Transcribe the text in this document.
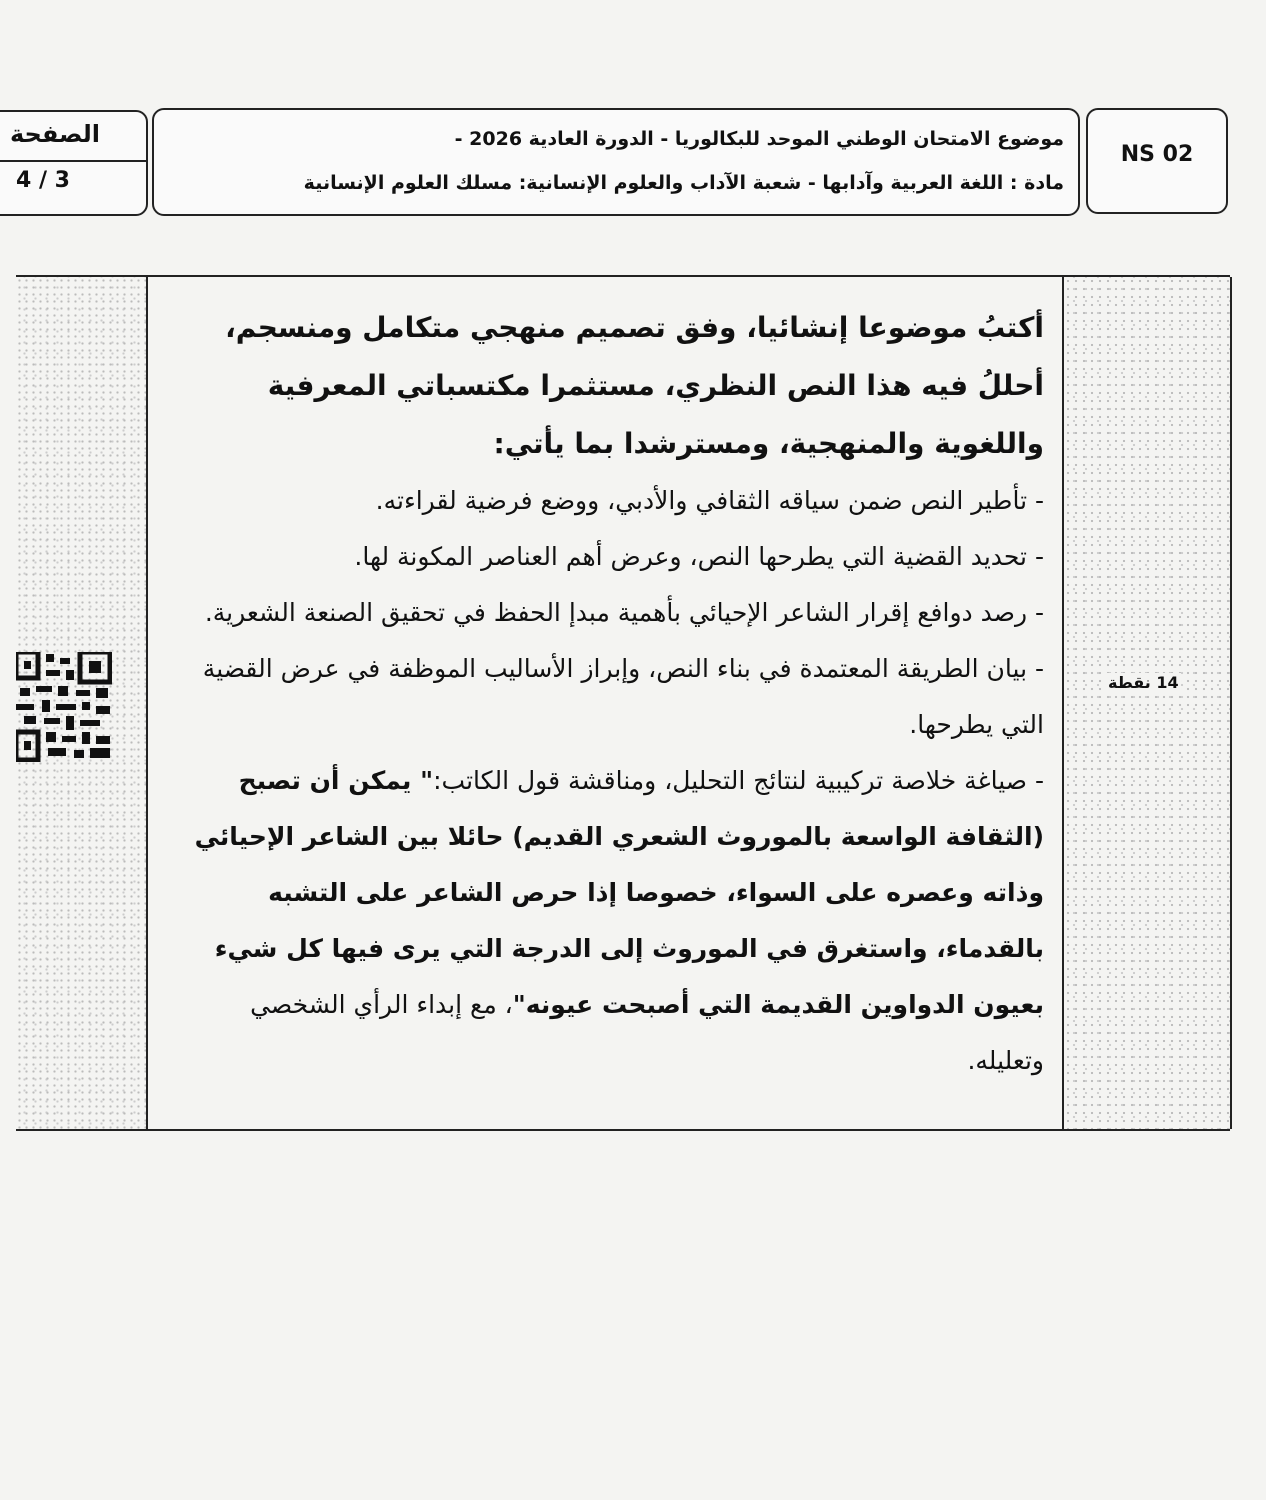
الصفحة
4 / 3
موضوع الامتحان الوطني الموحد للبكالوريا - الدورة العادية 2026 -
مادة : اللغة العربية وآدابها - شعبة الآداب والعلوم الإنسانية: مسلك العلوم الإنسانية
NS 02

أكتبُ موضوعا إنشائيا، وفق تصميم منهجي متكامل ومنسجم، أحللُ فيه هذا النص النظري، مستثمرا مكتسباتي المعرفية واللغوية والمنهجية، ومسترشدا بما يأتي:

- تأطير النص ضمن سياقه الثقافي والأدبي، ووضع فرضية لقراءته.

- تحديد القضية التي يطرحها النص، وعرض أهم العناصر المكونة لها.

- رصد دوافع إقرار الشاعر الإحيائي بأهمية مبدإ الحفظ في تحقيق الصنعة الشعرية.

- بيان الطريقة المعتمدة في بناء النص، وإبراز الأساليب الموظفة في عرض القضية التي يطرحها.

- صياغة خلاصة تركيبية لنتائج التحليل، ومناقشة قول الكاتب:" يمكن أن تصبح (الثقافة الواسعة بالموروث الشعري القديم) حائلا بين الشاعر الإحيائي وذاته وعصره على السواء، خصوصا إذا حرص الشاعر على التشبه بالقدماء، واستغرق في الموروث إلى الدرجة التي يرى فيها كل شيء بعيون الدواوين القديمة التي أصبحت عيونه"، مع إبداء الرأي الشخصي وتعليله.

14 نقطة
